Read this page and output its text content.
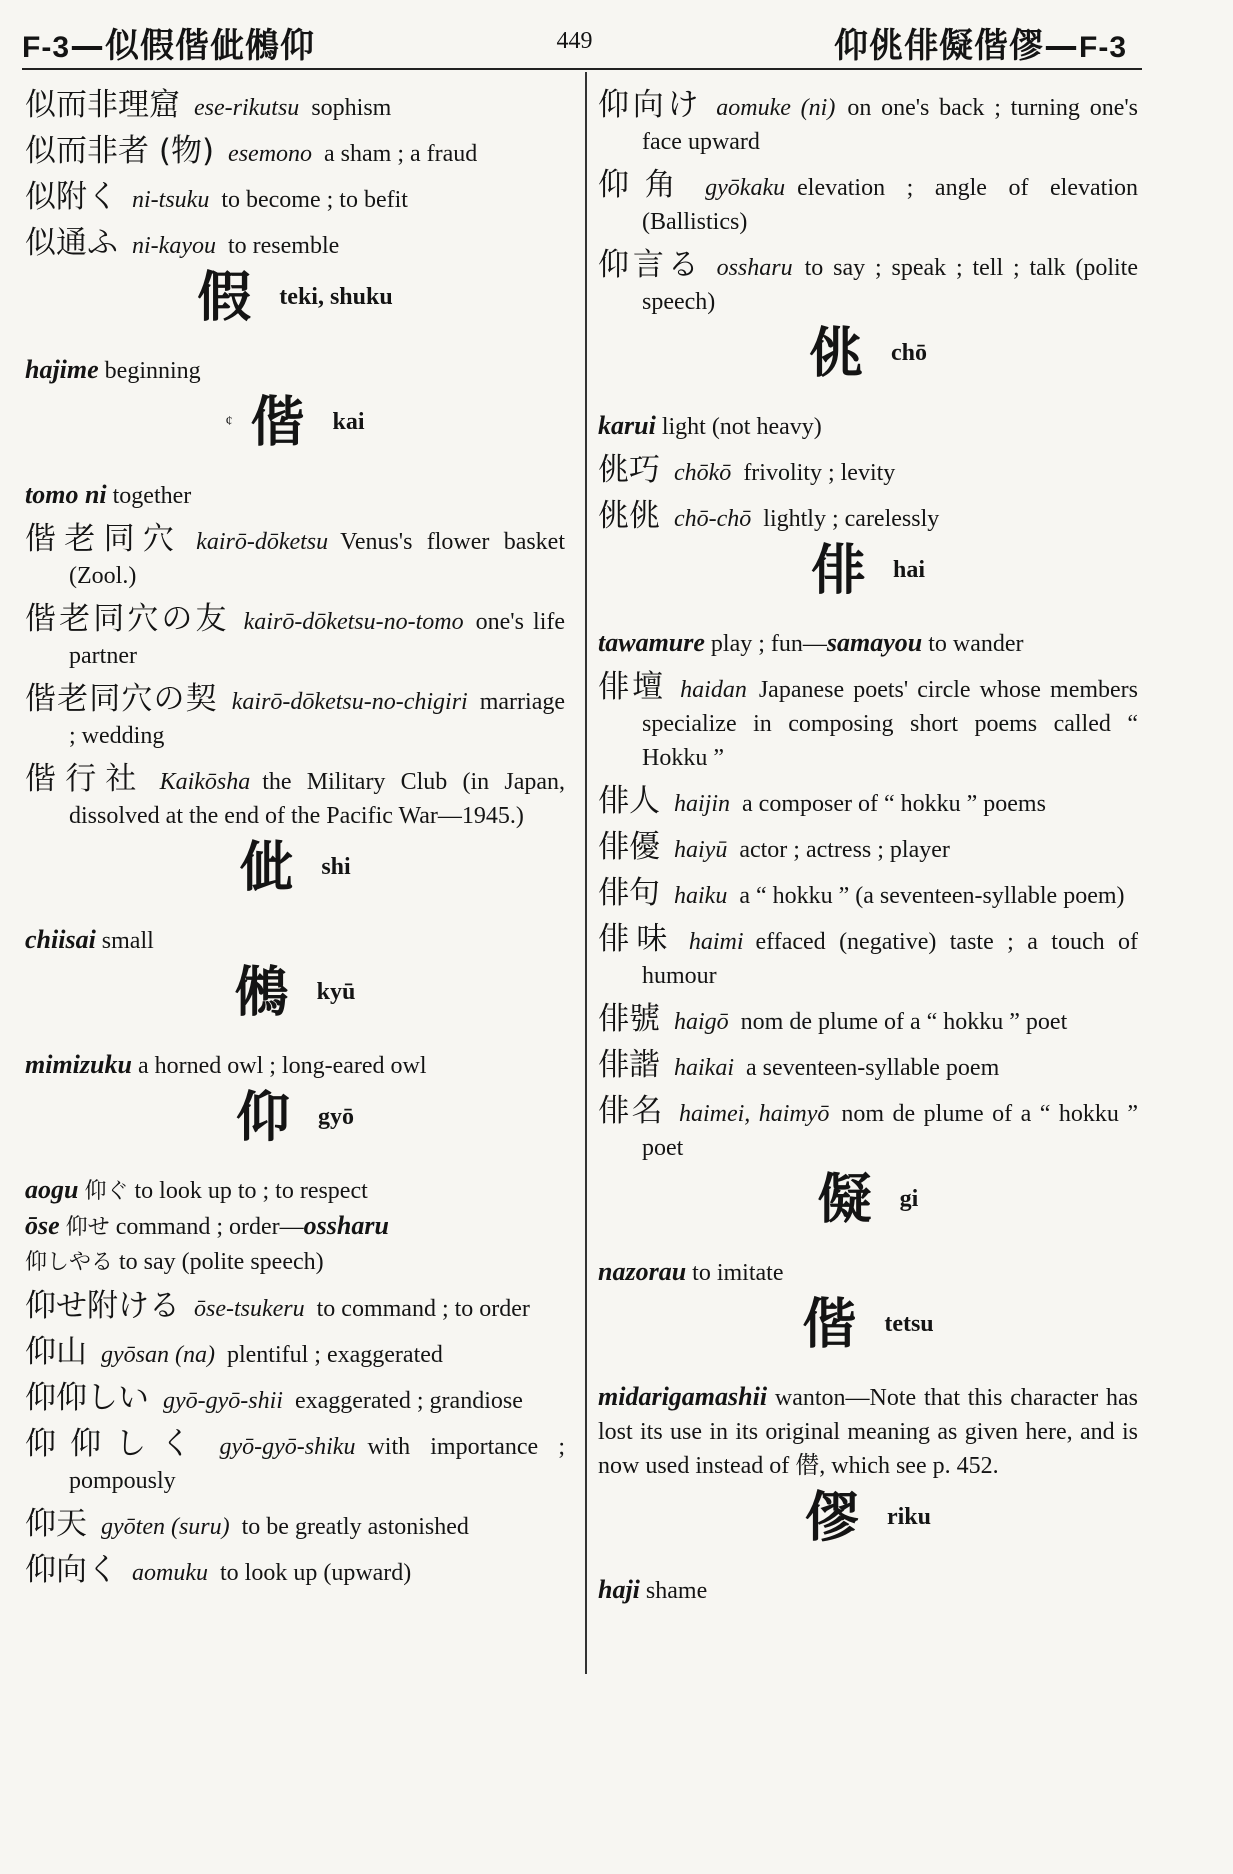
F-3—似假偕佌鵂仰	449	仰佻俳儗偕僇—F-3
似而非理窟 ese-rikutsu sophism
似而非者 (物) esemono a sham ; a fraud
似附く ni-tsuku to become ; to befit
似通ふ ni-kayou to resemble
假 teki, shuku
hajime beginning
¢ 偕 kai
tomo ni together
偕老同穴 kairō-dōketsu Venus's flower basket (Zool.)
偕老同穴の友 kairō-dōketsu-no-tomo one's life partner
偕老同穴の契 kairō-dōketsu-no-chigiri marriage ; wedding
偕行社 Kaikōsha the Military Club (in Japan, dissolved at the end of the Pacific War—1945.)
佌 shi
chiisai small
鵂 kyū
mimizuku a horned owl ; long-eared owl
仰 gyō
aogu 仰ぐ to look up to ; to respect
ōse 仰せ command ; order—ossharu
仰しやる to say (polite speech)
仰せ附ける ōse-tsukeru to command ; to order
仰山 gyōsan (na) plentiful ; exaggerated
仰仰しい gyō-gyō-shii exaggerated ; grandiose
仰仰しく gyō-gyō-shiku with importance ; pompously
仰天 gyōten (suru) to be greatly astonished
仰向く aomuku to look up (upward)
仰向け aomuke (ni) on one's back ; turning one's face upward
仰角 gyōkaku elevation ; angle of elevation (Ballistics)
仰言る ossharu to say ; speak ; tell ; talk (polite speech)
佻 chō
karui light (not heavy)
佻巧 chōkō frivolity ; levity
佻佻 chō-chō lightly ; carelessly
俳 hai
tawamure play ; fun—samayou to wander
俳壇 haidan Japanese poets' circle whose members specialize in composing short poems called “ Hokku ”
俳人 haijin a composer of “ hokku ” poems
俳優 haiyū actor ; actress ; player
俳句 haiku a “ hokku ” (a seventeen-syllable poem)
俳味 haimi effaced (negative) taste ; a touch of humour
俳號 haigō nom de plume of a “ hokku ” poet
俳諧 haikai a seventeen-syllable poem
俳名 haimei, haimyō nom de plume of a “ hokku ” poet
儗 gi
nazorau to imitate
偕 tetsu
midarigamashii wanton—Note that this character has lost its use in its original meaning as given here, and is now used instead of 僣, which see p. 452.
僇 riku
haji shame
